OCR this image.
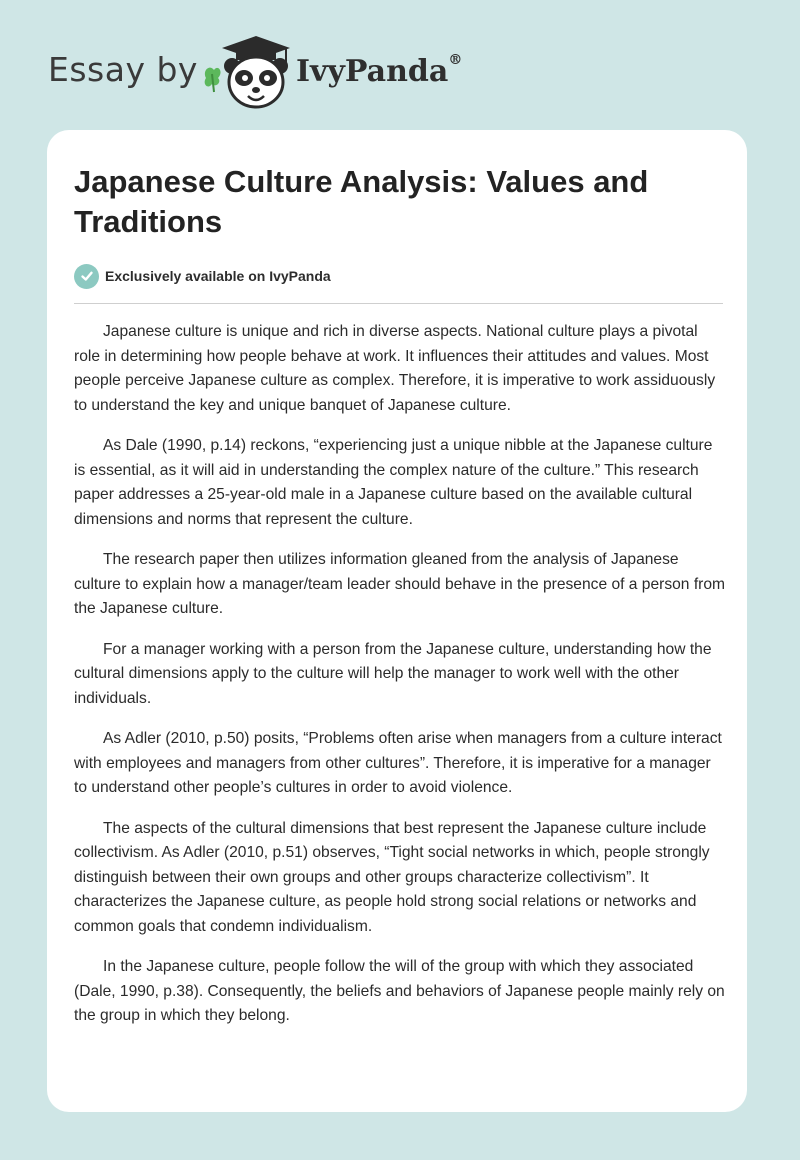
Essay by	IvyPanda®
Japanese Culture Analysis: Values and Traditions
Exclusively available on IvyPanda

Japanese culture is unique and rich in diverse aspects. National culture plays a pivotal role in determining how people behave at work. It influences their attitudes and values. Most people perceive Japanese culture as complex. Therefore, it is imperative to work assiduously to understand the key and unique banquet of Japanese culture.

As Dale (1990, p.14) reckons, “experiencing just a unique nibble at the Japanese culture is essential, as it will aid in understanding the complex nature of the culture.” This research paper addresses a 25-year-old male in a Japanese culture based on the available cultural dimensions and norms that represent the culture.

The research paper then utilizes information gleaned from the analysis of Japanese culture to explain how a manager/team leader should behave in the presence of a person from the Japanese culture.

For a manager working with a person from the Japanese culture, understanding how the cultural dimensions apply to the culture will help the manager to work well with the other individuals.

As Adler (2010, p.50) posits, “Problems often arise when managers from a culture interact with employees and managers from other cultures”. Therefore, it is imperative for a manager to understand other people’s cultures in order to avoid violence.

The aspects of the cultural dimensions that best represent the Japanese culture include collectivism. As Adler (2010, p.51) observes, “Tight social networks in which, people strongly distinguish between their own groups and other groups characterize collectivism”. It characterizes the Japanese culture, as people hold strong social relations or networks and common goals that condemn individualism.

In the Japanese culture, people follow the will of the group with which they associated (Dale, 1990, p.38). Consequently, the beliefs and behaviors of Japanese people mainly rely on the group in which they belong.
